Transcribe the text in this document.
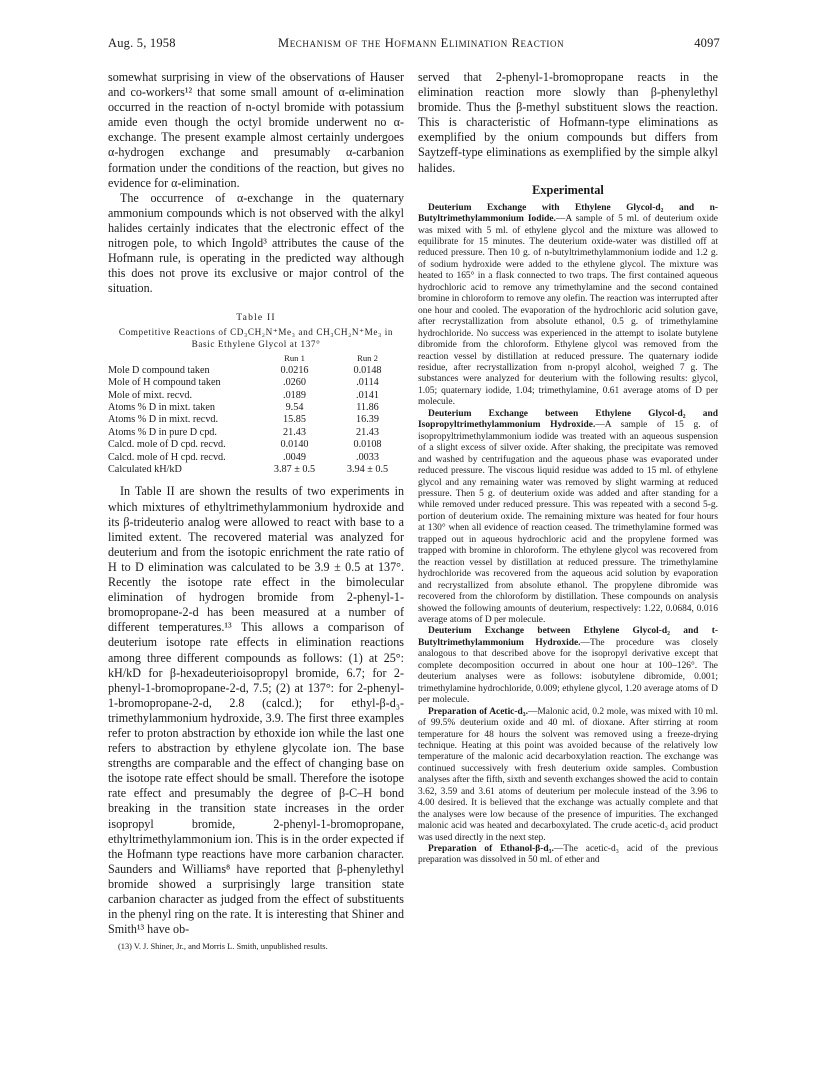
Aug. 5, 1958	Mechanism of the Hofmann Elimination Reaction	4097

somewhat surprising in view of the observations of Hauser and co-workers¹² that some small amount of α-elimination occurred in the reaction of n-octyl bromide with potassium amide even though the octyl bromide underwent no α-exchange. The present example almost certainly undergoes α-hydrogen exchange and presumably α-carbanion formation under the conditions of the reaction, but gives no evidence for α-elimination.

The occurrence of α-exchange in the quaternary ammonium compounds which is not observed with the alkyl halides certainly indicates that the electronic effect of the nitrogen pole, to which Ingold³ attributes the cause of the Hofmann rule, is operating in the predicted way although this does not prove its exclusive or major control of the situation.

Table II

Competitive Reactions of CD₃CH₂N⁺Me₃ and CH₃CH₂N⁺Me₃ in Basic Ethylene Glycol at 137°

	Run 1	Run 2
Mole D compound taken	0.0216	0.0148
Mole of H compound taken	.0260	.0114
Mole of mixt. recvd.	.0189	.0141
Atoms % D in mixt. taken	9.54	11.86
Atoms % D in mixt. recvd.	15.85	16.39
Atoms % D in pure D cpd.	21.43	21.43
Calcd. mole of D cpd. recvd.	0.0140	0.0108
Calcd. mole of H cpd. recvd.	.0049	.0033
Calculated kH/kD	3.87 ± 0.5	3.94 ± 0.5

In Table II are shown the results of two experiments in which mixtures of ethyltrimethylammonium hydroxide and its β-trideuterio analog were allowed to react with base to a limited extent. The recovered material was analyzed for deuterium and from the isotopic enrichment the rate ratio of H to D elimination was calculated to be 3.9 ± 0.5 at 137°. Recently the isotope rate effect in the bimolecular elimination of hydrogen bromide from 2-phenyl-1-bromopropane-2-d has been measured at a number of different temperatures.¹³ This allows a comparison of deuterium isotope rate effects in elimination reactions among three different compounds as follows: (1) at 25°: kH/kD for β-hexadeuterioisopropyl bromide, 6.7; for 2-phenyl-1-bromopropane-2-d, 7.5; (2) at 137°: for 2-phenyl-1-bromopropane-2-d, 2.8 (calcd.); for ethyl-β-d₃-trimethylammonium hydroxide, 3.9. The first three examples refer to proton abstraction by ethoxide ion while the last one refers to abstraction by ethylene glycolate ion. The base strengths are comparable and the effect of changing base on the isotope rate effect should be small. Therefore the isotope rate effect and presumably the degree of β-C–H bond breaking in the transition state increases in the order isopropyl bromide, 2-phenyl-1-bromopropane, ethyltrimethylammonium ion. This is in the order expected if the Hofmann type reactions have more carbanion character. Saunders and Williams⁸ have reported that β-phenylethyl bromide showed a surprisingly large transition state carbanion character as judged from the effect of substituents in the phenyl ring on the rate. It is interesting that Shiner and Smith¹³ have ob-

(13) V. J. Shiner, Jr., and Morris L. Smith, unpublished results.

served that 2-phenyl-1-bromopropane reacts in the elimination reaction more slowly than β-phenylethyl bromide. Thus the β-methyl substituent slows the reaction. This is characteristic of Hofmann-type eliminations as exemplified by the onium compounds but differs from Saytzeff-type eliminations as exemplified by the simple alkyl halides.

Experimental

Deuterium Exchange with Ethylene Glycol-d₂ and n-Butyltrimethylammonium Iodide.—A sample of 5 ml. of deuterium oxide was mixed with 5 ml. of ethylene glycol and the mixture was allowed to equilibrate for 15 minutes. The deuterium oxide-water was distilled off at reduced pressure. Then 10 g. of n-butyltrimethylammonium iodide and 1.2 g. of sodium hydroxide were added to the ethylene glycol. The mixture was heated to 165° in a flask connected to two traps. The first contained aqueous hydrochloric acid to remove any trimethylamine and the second contained bromine in chloroform to remove any olefin. The reaction was interrupted after one hour and cooled. The evaporation of the hydrochloric acid solution gave, after recrystallization from absolute ethanol, 0.5 g. of trimethylamine hydrochloride. No success was experienced in the attempt to isolate butylene dibromide from the chloroform. Ethylene glycol was removed from the reaction vessel by distillation at reduced pressure. The quaternary iodide residue, after recrystallization from n-propyl alcohol, weighed 7 g. The substances were analyzed for deuterium with the following results: glycol, 1.05; quaternary iodide, 1.04; trimethylamine, 0.61 average atoms of D per molecule.

Deuterium Exchange between Ethylene Glycol-d₂ and Isopropyltrimethylammonium Hydroxide.—A sample of 15 g. of isopropyltrimethylammonium iodide was treated with an aqueous suspension of a slight excess of silver oxide. After shaking, the precipitate was removed and washed by centrifugation and the aqueous phase was evaporated under reduced pressure. The viscous liquid residue was added to 15 ml. of ethylene glycol and any remaining water was removed by slight warming at reduced pressure. Then 5 g. of deuterium oxide was added and after standing for a while removed under reduced pressure. This was repeated with a second 5-g. portion of deuterium oxide. The remaining mixture was heated for four hours at 130° when all evidence of reaction ceased. The trimethylamine formed was trapped out in aqueous hydrochloric acid and the propylene formed was trapped with bromine in chloroform. The ethylene glycol was recovered from the reaction vessel by distillation at reduced pressure. The trimethylamine hydrochloride was recovered from the aqueous acid solution by evaporation and recrystallized from absolute ethanol. The propylene dibromide was recovered from the chloroform by distillation. These compounds on analysis showed the following amounts of deuterium, respectively: 1.22, 0.0684, 0.016 average atoms of D per molecule.

Deuterium Exchange between Ethylene Glycol-d₂ and t-Butyltrimethylammonium Hydroxide.—The procedure was closely analogous to that described above for the isopropyl derivative except that complete decomposition occurred in about one hour at 100–126°. The deuterium analyses were as follows: isobutylene dibromide, 0.001; trimethylamine hydrochloride, 0.009; ethylene glycol, 1.20 average atoms of D per molecule.

Preparation of Acetic-d₃.—Malonic acid, 0.2 mole, was mixed with 10 ml. of 99.5% deuterium oxide and 40 ml. of dioxane. After stirring at room temperature for 48 hours the solvent was removed using a freeze-drying technique. Heating at this point was avoided because of the relatively low temperature of the malonic acid decarboxylation reaction. The exchange was continued successively with fresh deuterium oxide samples. Combustion analyses after the fifth, sixth and seventh exchanges showed the acid to contain 3.62, 3.59 and 3.61 atoms of deuterium per molecule instead of the 3.96 to 4.00 desired. It is believed that the exchange was actually complete and that the analyses were low because of the presence of impurities. The exchanged malonic acid was heated and decarboxylated. The crude acetic-d₃ acid product was used directly in the next step.

Preparation of Ethanol-β-d₃.—The acetic-d₃ acid of the previous preparation was dissolved in 50 ml. of ether and
